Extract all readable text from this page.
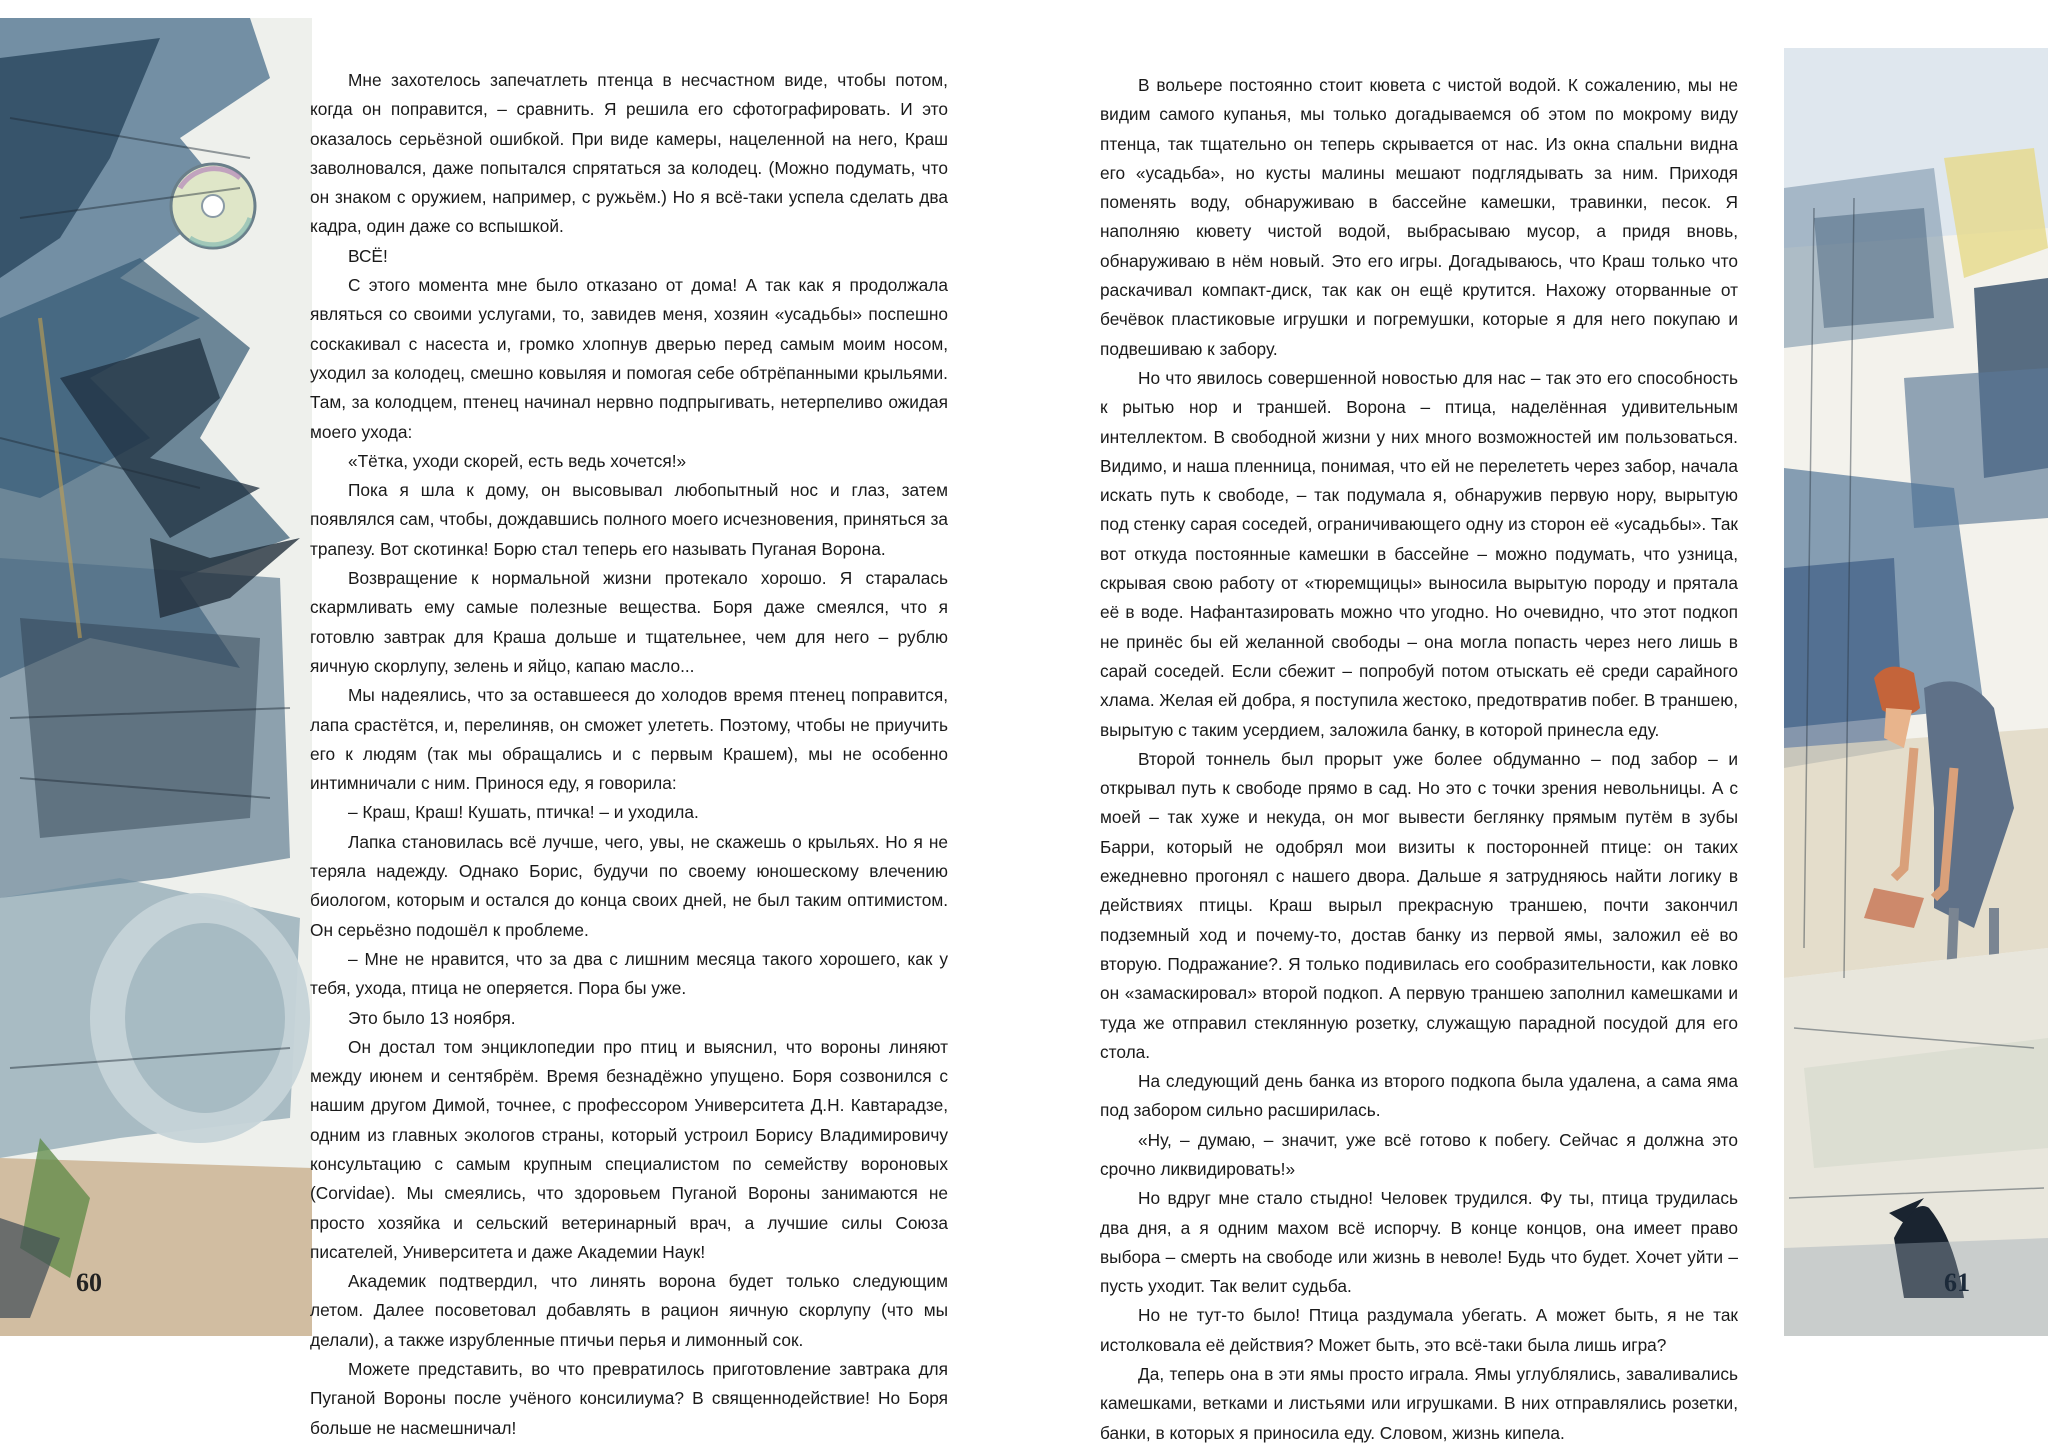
Мне захотелось запечатлеть птенца в несчастном виде, чтобы потом, когда он поправится, – сравнить. Я решила его сфотографировать. И это оказалось серьёзной ошибкой. При виде камеры, нацеленной на него, Краш заволновался, даже попытался спрятаться за колодец. (Можно подумать, что он знаком с оружием, например, с ружьём.) Но я всё-таки успела сделать два кадра, один даже со вспышкой.

ВСЁ!

С этого момента мне было отказано от дома! А так как я продолжала являться со своими услугами, то, завидев меня, хозяин «усадьбы» поспешно соскакивал с насеста и, громко хлопнув дверью перед самым моим носом, уходил за колодец, смешно ковыляя и помогая себе обтрёпанными крыльями. Там, за колодцем, птенец начинал нервно подпрыгивать, нетерпеливо ожидая моего ухода:

«Тётка, уходи скорей, есть ведь хочется!»

Пока я шла к дому, он высовывал любопытный нос и глаз, затем появлялся сам, чтобы, дождавшись полного моего исчезновения, приняться за трапезу. Вот скотинка! Борю стал теперь его называть Пуганая Ворона.

Возвращение к нормальной жизни протекало хорошо. Я старалась скармливать ему самые полезные вещества. Боря даже смеялся, что я готовлю завтрак для Краша дольше и тщательнее, чем для него – рублю яичную скорлупу, зелень и яйцо, капаю масло...

Мы надеялись, что за оставшееся до холодов время птенец поправится, лапа срастётся, и, перелиняв, он сможет улететь. Поэтому, чтобы не приучить его к людям (так мы обращались и с первым Крашем), мы не особенно интимничали с ним. Принося еду, я говорила:

– Краш, Краш! Кушать, птичка! – и уходила.

Лапка становилась всё лучше, чего, увы, не скажешь о крыльях. Но я не теряла надежду. Однако Борис, будучи по своему юношескому влечению биологом, которым и остался до конца своих дней, не был таким оптимистом. Он серьёзно подошёл к проблеме.

– Мне не нравится, что за два с лишним месяца такого хорошего, как у тебя, ухода, птица не оперяется. Пора бы уже.

Это было 13 ноября.

Он достал том энциклопедии про птиц и выяснил, что вороны линяют между июнем и сентябрём. Время безнадёжно упущено. Боря созвонился с нашим другом Димой, точнее, с профессором Университета Д.Н. Кавтарадзе, одним из главных экологов страны, который устроил Борису Владимировичу консультацию с самым крупным специалистом по семейству вороновых (Corvidae). Мы смеялись, что здоровьем Пуганой Вороны занимаются не просто хозяйка и сельский ветеринарный врач, а лучшие силы Союза писателей, Университета и даже Академии Наук!

Академик подтвердил, что линять ворона будет только следующим летом. Далее посоветовал добавлять в рацион яичную скорлупу (что мы делали), а также изрубленные птичьи перья и лимонный сок.

Можете представить, во что превратилось приготовление завтрака для Пуганой Вороны после учёного консилиума? В священнодействие! Но Боря больше не насмешничал!

60

В вольере постоянно стоит кювета с чистой водой. К сожалению, мы не видим самого купанья, мы только догадываемся об этом по мокрому виду птенца, так тщательно он теперь скрывается от нас. Из окна спальни видна его «усадьба», но кусты малины мешают подглядывать за ним. Приходя поменять воду, обнаруживаю в бассейне камешки, травинки, песок. Я наполняю кювету чистой водой, выбрасываю мусор, а придя вновь, обнаруживаю в нём новый. Это его игры. Догадываюсь, что Краш только что раскачивал компакт-диск, так как он ещё крутится. Нахожу оторванные от бечёвок пластиковые игрушки и погремушки, которые я для него покупаю и подвешиваю к забору.

Но что явилось совершенной новостью для нас – так это его способность к рытью нор и траншей. Ворона – птица, наделённая удивительным интеллектом. В свободной жизни у них много возможностей им пользоваться. Видимо, и наша пленница, понимая, что ей не перелететь через забор, начала искать путь к свободе, – так подумала я, обнаружив первую нору, вырытую под стенку сарая соседей, ограничивающего одну из сторон её «усадьбы». Так вот откуда постоянные камешки в бассейне – можно подумать, что узница, скрывая свою работу от «тюремщицы» выносила вырытую породу и прятала её в воде. Нафантазировать можно что угодно. Но очевидно, что этот подкоп не принёс бы ей желанной свободы – она могла попасть через него лишь в сарай соседей. Если сбежит – попробуй потом отыскать её среди сарайного хлама. Желая ей добра, я поступила жестоко, предотвратив побег. В траншею, вырытую с таким усердием, заложила банку, в которой принесла еду.

Второй тоннель был прорыт уже более обдуманно – под забор – и открывал путь к свободе прямо в сад. Но это с точки зрения невольницы. А с моей – так хуже и некуда, он мог вывести беглянку прямым путём в зубы Барри, который не одобрял мои визиты к посторонней птице: он таких ежедневно прогонял с нашего двора. Дальше я затрудняюсь найти логику в действиях птицы. Краш вырыл прекрасную траншею, почти закончил подземный ход и почему-то, достав банку из первой ямы, заложил её во вторую. Подражание?. Я только подивилась его сообразительности, как ловко он «замаскировал» второй подкоп. А первую траншею заполнил камешками и туда же отправил стеклянную розетку, служащую парадной посудой для его стола.

На следующий день банка из второго подкопа была удалена, а сама яма под забором сильно расширилась.

«Ну, – думаю, – значит, уже всё готово к побегу. Сейчас я должна это срочно ликвидировать!»

Но вдруг мне стало стыдно! Человек трудился. Фу ты, птица трудилась два дня, а я одним махом всё испорчу. В конце концов, она имеет право выбора – смерть на свободе или жизнь в неволе! Будь что будет. Хочет уйти – пусть уходит. Так велит судьба.

Но не тут-то было! Птица раздумала убегать. А может быть, я не так истолковала её действия? Может быть, это всё-таки была лишь игра?

Да, теперь она в эти ямы просто играла. Ямы углублялись, заваливались камешками, ветками и листьями или игрушками. В них отправлялись розетки, банки, в которых я приносила еду. Словом, жизнь кипела.

61
